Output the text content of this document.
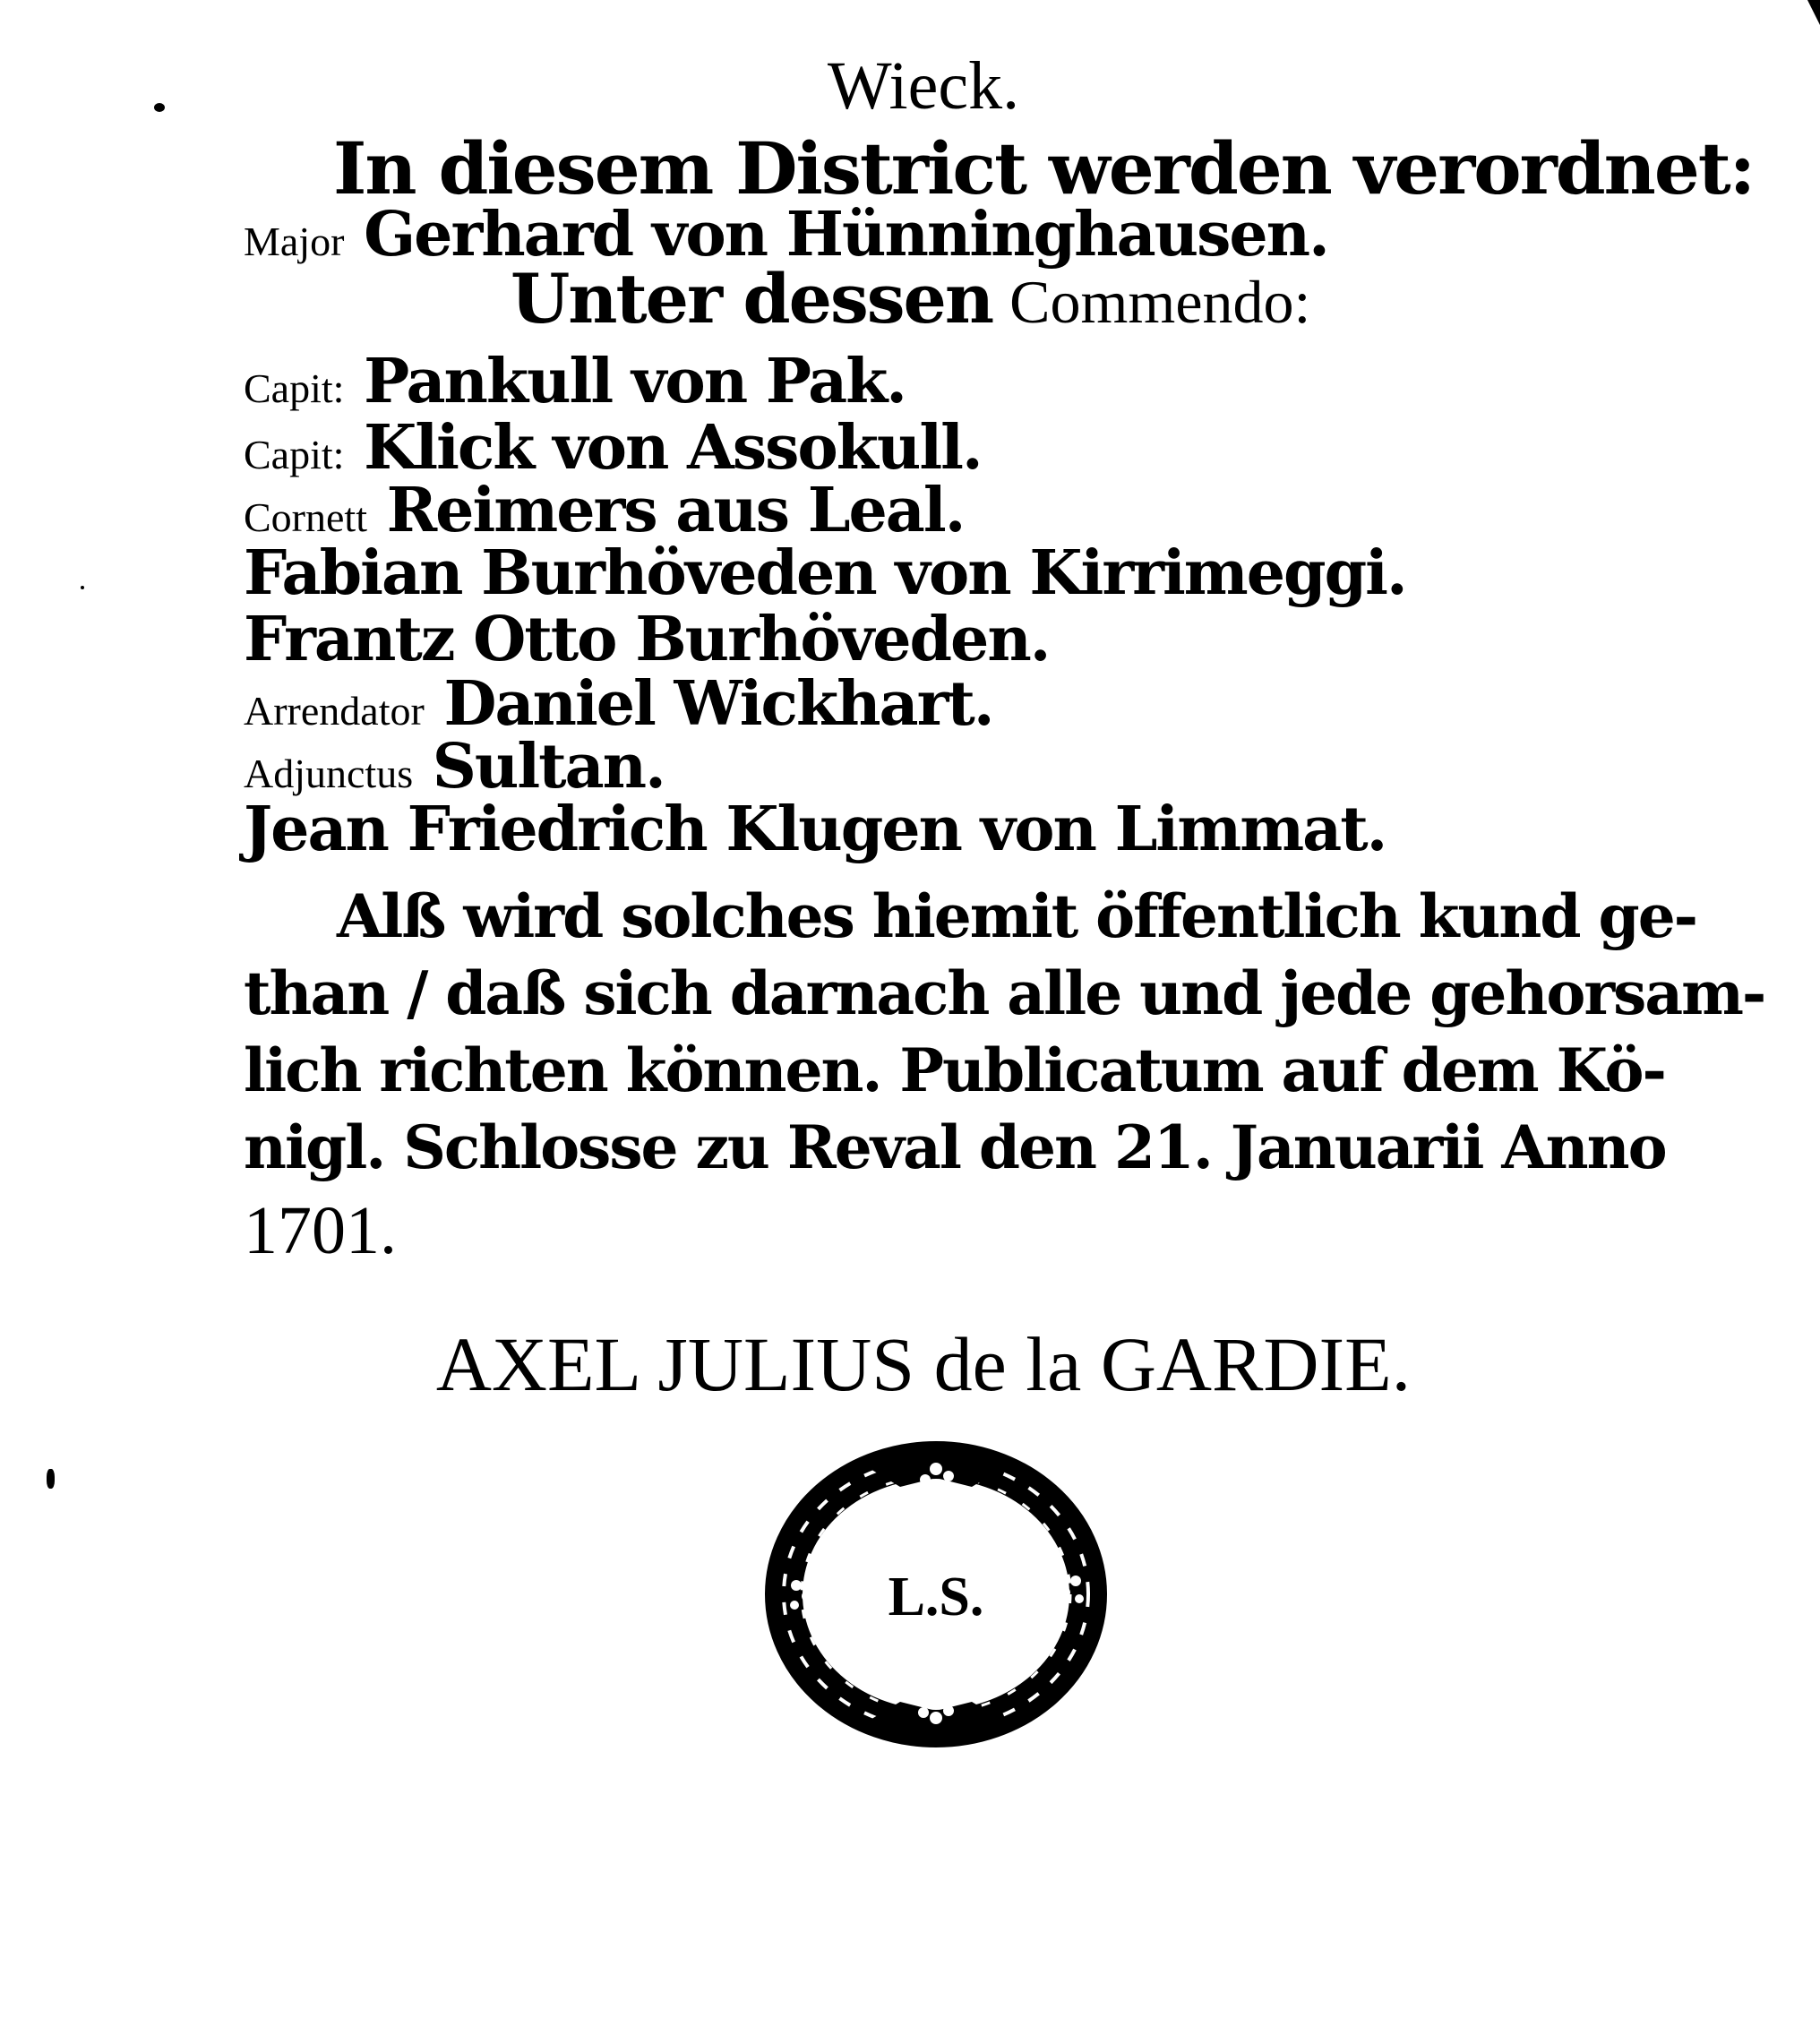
Wieck.
In diesem District werden verordnet:
Major Gerhard von Hünninghausen.
Unter dessen Commendo:
Capit: Pankull von Pak.
Capit: Klick von Assokull.
Cornett Reimers aus Leal.
Fabian Burhöveden von Kirrimeggi.
Frantz Otto Burhöveden.
Arrendator Daniel Wickhart.
Adjunctus Sultan.
Jean Friedrich Klugen von Limmat.
Alß wird solches hiemit öffentlich kund ge-
than / daß sich darnach alle und jede gehorsam-
lich richten können. Publicatum auf dem Kö-
nigl. Schlosse zu Reval den 21. Januarii Anno
1701.
AXEL JULIUS de la GARDIE.
L.S.
